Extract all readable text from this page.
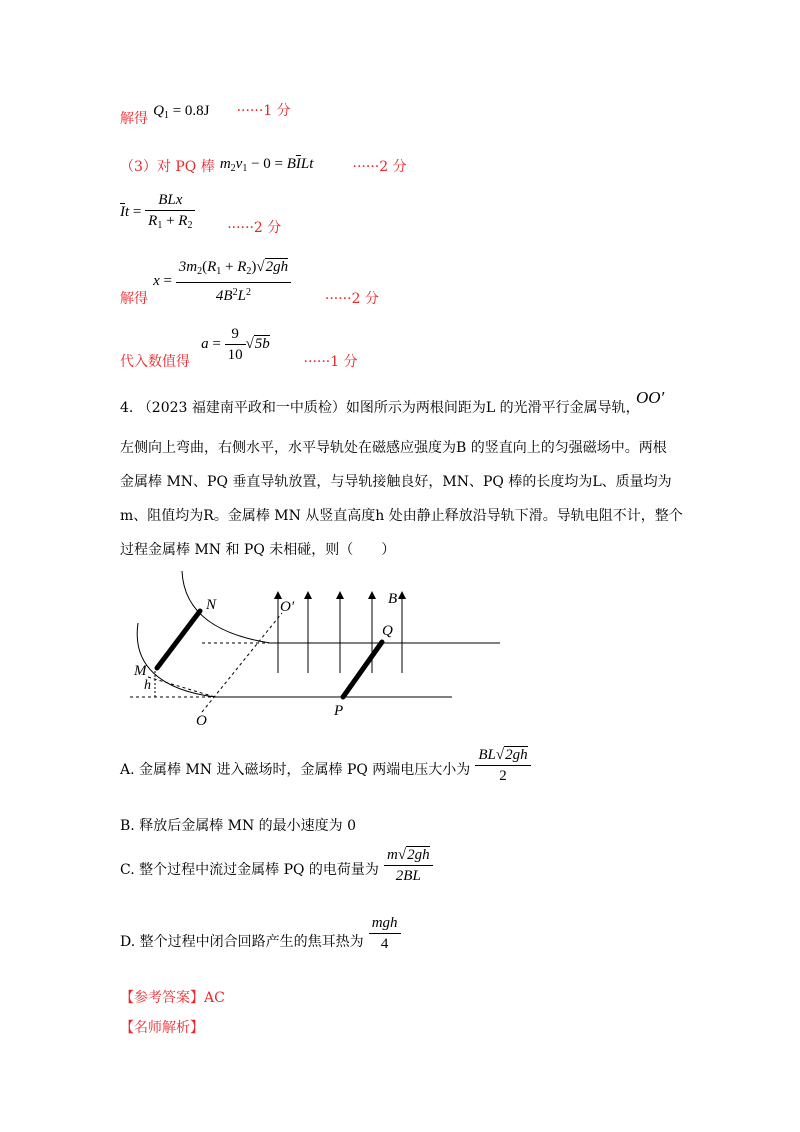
解得 $Q_1 = 0.8J \cdot\cdot\cdot\cdot\cdot\cdot 1$ 分
（3）对 PQ 棒 $m_2v_1 - 0 = B\overline{I}Lt$	······2 分
$\overline{I}t = \frac{\text{BLx}}{R_1 + R_2} \cdot\cdot\cdot\cdot\cdot\cdot 2$ 分
解得 $x = \frac{3m_2(R_1 + R_2)√2gh}{4B^2L^2} \cdot\cdot\cdot\cdot\cdot\cdot 2$ 分
代入数值得 $a = \frac{9}{10} √5b \cdot\cdot\cdot\cdot\cdot\cdot 1$ 分
4. （2023 福建南平政和一中质检）如图所示为两根间距为L 的光滑平行金属导轨，
OO′
左侧向上弯曲，右侧水平，水平导轨处在磁感应强度为B 的竖直向上的匀强磁场中。两根
金属棒 MN、PQ 垂直导轨放置，与导轨接触良好，MN、PQ 棒的长度均为L、质量均为
m、阻值均为R。金属棒 MN 从竖直高度h 处由静止释放沿导轨下滑。导轨电阻不计，整个
过程金属棒 MN 和 PQ 未相碰，则（　　）
N	O′	B
Q
M
h
O
P
A. 金属棒 MN 进入磁场时，金属棒 PQ 两端电压大小为 $\frac{BL√2gh}{2}$
B. 释放后金属棒 MN 的最小速度为 0
C. 整个过程中流过金属棒 PQ 的电荷量为 $\frac{m√2gh}{2BL}$
D. 整个过程中闭合回路产生的焦耳热为 $\frac{\text{mgh}}{4}$
【参考答案】AC
【名师解析】
